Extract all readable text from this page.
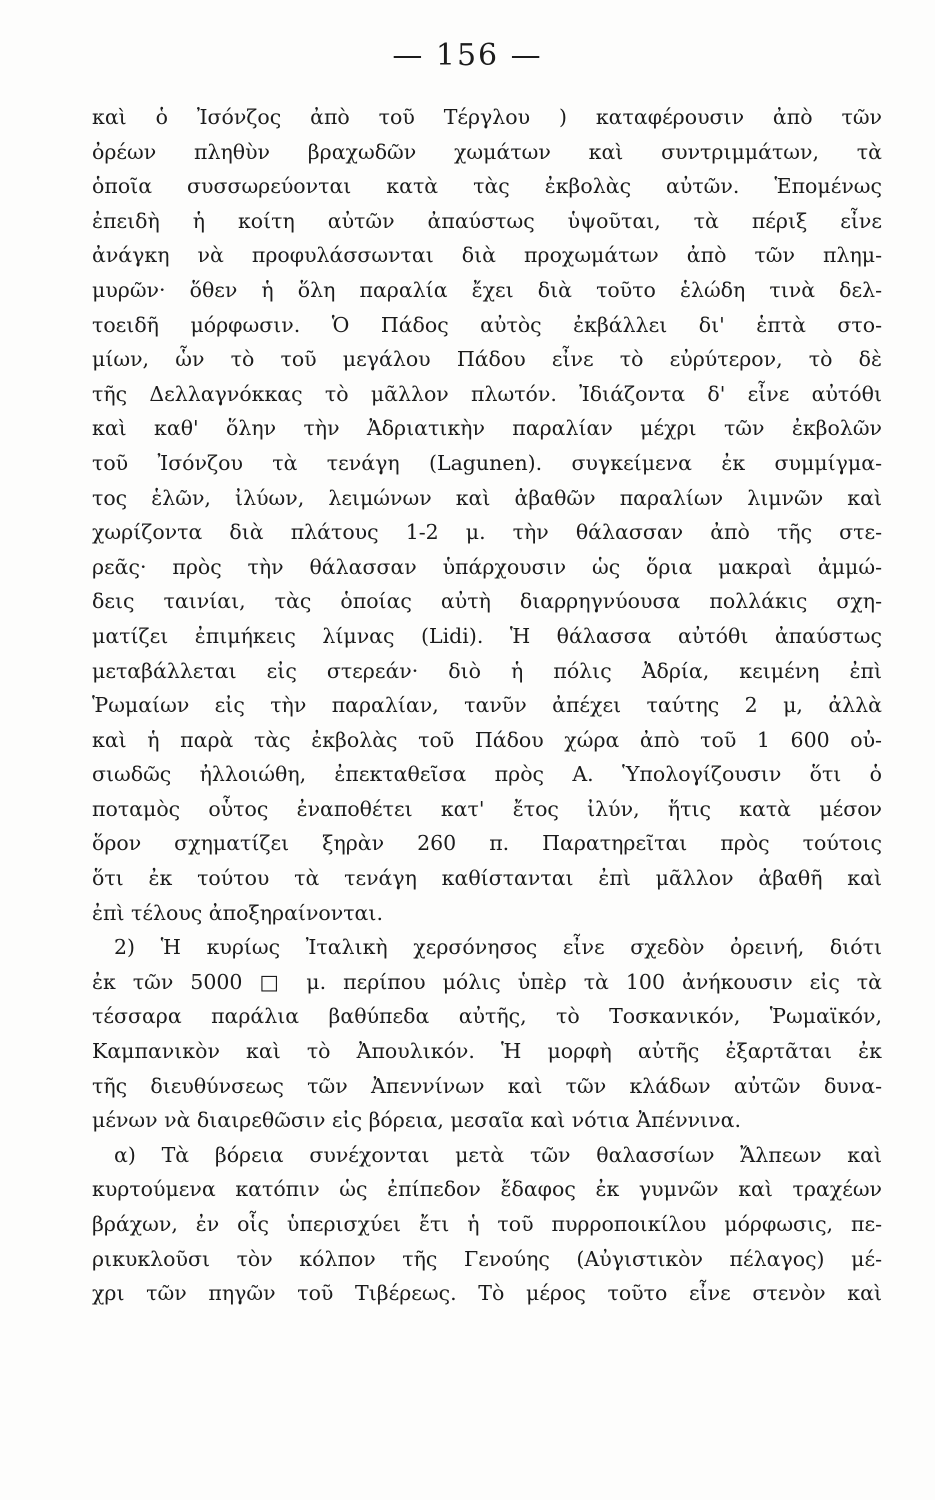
— 156 —
καὶ ὁ Ἰσόνζος ἀπὸ τοῦ Τέργλου ) καταφέρουσιν ἀπὸ τῶν
ὀρέων πληθὺν βραχωδῶν χωμάτων καὶ συντριμμάτων, τὰ
ὁποῖα συσσωρεύονται κατὰ τὰς ἐκβολὰς αὐτῶν. Ἑπομένως
ἐπειδὴ ἡ κοίτη αὐτῶν ἀπαύστως ὑψοῦται, τὰ πέριξ εἶνε
ἀνάγκη νὰ προφυλάσσωνται διὰ προχωμάτων ἀπὸ τῶν πλημ-
μυρῶν· ὅθεν ἡ ὅλη παραλία ἔχει διὰ τοῦτο ἑλώδη τινὰ δελ-
τοειδῆ μόρφωσιν. Ὁ Πάδος αὐτὸς ἐκβάλλει δι' ἑπτὰ στο-
μίων, ὧν τὸ τοῦ μεγάλου Πάδου εἶνε τὸ εὐρύτερον, τὸ δὲ
τῆς Δελλαγνόκκας τὸ μᾶλλον πλωτόν. Ἰδιάζοντα δ' εἶνε αὐτόθι
καὶ καθ' ὅλην τὴν Ἀδριατικὴν παραλίαν μέχρι τῶν ἐκβολῶν
τοῦ Ἰσόνζου τὰ τενάγη (Lagunen). συγκείμενα ἐκ συμμίγμα-
τος ἑλῶν, ἰλύων, λειμώνων καὶ ἀβαθῶν παραλίων λιμνῶν καὶ
χωρίζοντα διὰ πλάτους 1-2 μ. τὴν θάλασσαν ἀπὸ τῆς στε-
ρεᾶς· πρὸς τὴν θάλασσαν ὑπάρχουσιν ὡς ὅρια μακραὶ ἀμμώ-
δεις ταινίαι, τὰς ὁποίας αὐτὴ διαρρηγνύουσα πολλάκις σχη-
ματίζει ἐπιμήκεις λίμνας (Lidi). Ἡ θάλασσα αὐτόθι ἀπαύστως
μεταβάλλεται εἰς στερεάν· διὸ ἡ πόλις Ἀδρία, κειμένη ἐπὶ
Ῥωμαίων εἰς τὴν παραλίαν, τανῦν ἀπέχει ταύτης 2 μ, ἀλλὰ
καὶ ἡ παρὰ τὰς ἐκβολὰς τοῦ Πάδου χώρα ἀπὸ τοῦ 1 600 οὐ-
σιωδῶς ἠλλοιώθη, ἐπεκταθεῖσα πρὸς Α. Ὑπολογίζουσιν ὅτι ὁ
ποταμὸς οὗτος ἐναποθέτει κατ' ἔτος ἰλύν, ἥτις κατὰ μέσον
ὅρον σχηματίζει ξηρὰν 260 π. Παρατηρεῖται πρὸς τούτοις
ὅτι ἐκ τούτου τὰ τενάγη καθίστανται ἐπὶ μᾶλλον ἀβαθῆ καὶ
ἐπὶ τέλους ἀποξηραίνονται.
2) Ἡ κυρίως Ἰταλικὴ χερσόνησος εἶνε σχεδὸν ὀρεινή, διότι
ἐκ τῶν 5000 □ μ. περίπου μόλις ὑπὲρ τὰ 100 ἀνήκουσιν εἰς τὰ
τέσσαρα παράλια βαθύπεδα αὐτῆς, τὸ Τοσκανικόν, Ῥωμαϊκόν,
Καμπανικὸν καὶ τὸ Ἀπουλικόν. Ἡ μορφὴ αὐτῆς ἐξαρτᾶται ἐκ
τῆς διευθύνσεως τῶν Ἀπεννίνων καὶ τῶν κλάδων αὐτῶν δυνα-
μένων νὰ διαιρεθῶσιν εἰς βόρεια, μεσαῖα καὶ νότια Ἀπέννινα.
α) Τὰ βόρεια συνέχονται μετὰ τῶν θαλασσίων Ἄλπεων καὶ
κυρτούμενα κατόπιν ὡς ἐπίπεδον ἔδαφος ἐκ γυμνῶν καὶ τραχέων
βράχων, ἐν οἷς ὑπερισχύει ἔτι ἡ τοῦ πυρροποικίλου μόρφωσις, πε-
ρικυκλοῦσι τὸν κόλπον τῆς Γενούης (Αὐγιστικὸν πέλαγος) μέ-
χρι τῶν πηγῶν τοῦ Τιβέρεως. Τὸ μέρος τοῦτο εἶνε στενὸν καὶ
